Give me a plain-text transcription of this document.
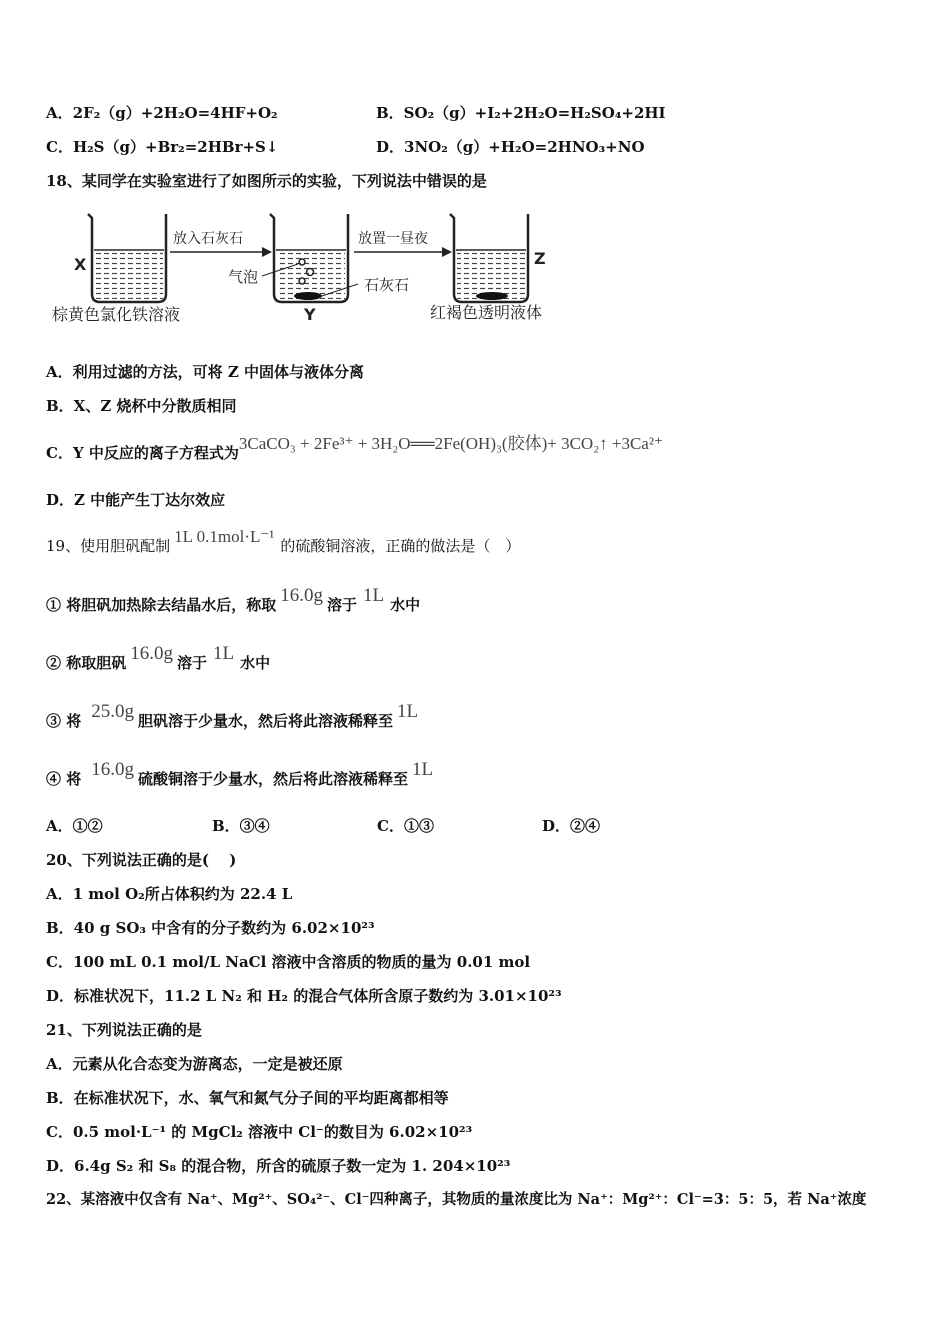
A．2F₂（g）+2H₂O=4HF+O₂	B．SO₂（g）+I₂+2H₂O=H₂SO₄+2HI
C．H₂S（g）+Br₂=2HBr+S↓	D．3NO₂（g）+H₂O=2HNO₃+NO
18、某同学在实验室进行了如图所示的实验，下列说法中错误的是
X
棕黄色氯化铁溶液
放入石灰石
气泡
Y
石灰石
放置一昼夜
Z
红褐色透明液体
A．利用过滤的方法，可将 Z 中固体与液体分离
B．X、Z 烧杯中分散质相同
C．Y 中反应的离子方程式为3CaCO₃ + 2Fe³⁺ + 3H₂O══2Fe(OH)₃(胶体)+ 3CO₂↑ +3Ca²⁺
D．Z 中能产生丁达尔效应
19、使用胆矾配制 1L 0.1mol·L⁻¹ 的硫酸铜溶液，正确的做法是（　）
① 将胆矾加热除去结晶水后，称取 16.0g 溶于 1L 水中
② 称取胆矾 16.0g 溶于 1L 水中
③ 将 25.0g 胆矾溶于少量水，然后将此溶液稀释至 1L
④ 将 16.0g 硫酸铜溶于少量水，然后将此溶液稀释至 1L
A．①②	B．③④	C．①③	D．②④
20、下列说法正确的是(　 )
A．1 mol O₂所占体积约为 22.4 L
B．40 g SO₃ 中含有的分子数约为 6.02×10²³
C．100 mL 0.1 mol/L NaCl 溶液中含溶质的物质的量为 0.01 mol
D．标准状况下，11.2 L N₂ 和 H₂ 的混合气体所含原子数约为 3.01×10²³
21、下列说法正确的是
A．元素从化合态变为游离态，一定是被还原
B．在标准状况下，水、氧气和氮气分子间的平均距离都相等
C．0.5 mol·L⁻¹ 的 MgCl₂ 溶液中 Cl⁻的数目为 6.02×10²³
D．6.4g S₂ 和 S₈ 的混合物，所含的硫原子数一定为 1. 204×10²³
22、某溶液中仅含有 Na⁺、Mg²⁺、SO₄²⁻、Cl⁻四种离子，其物质的量浓度比为 Na⁺：Mg²⁺：Cl⁻=3：5：5，若 Na⁺浓度
